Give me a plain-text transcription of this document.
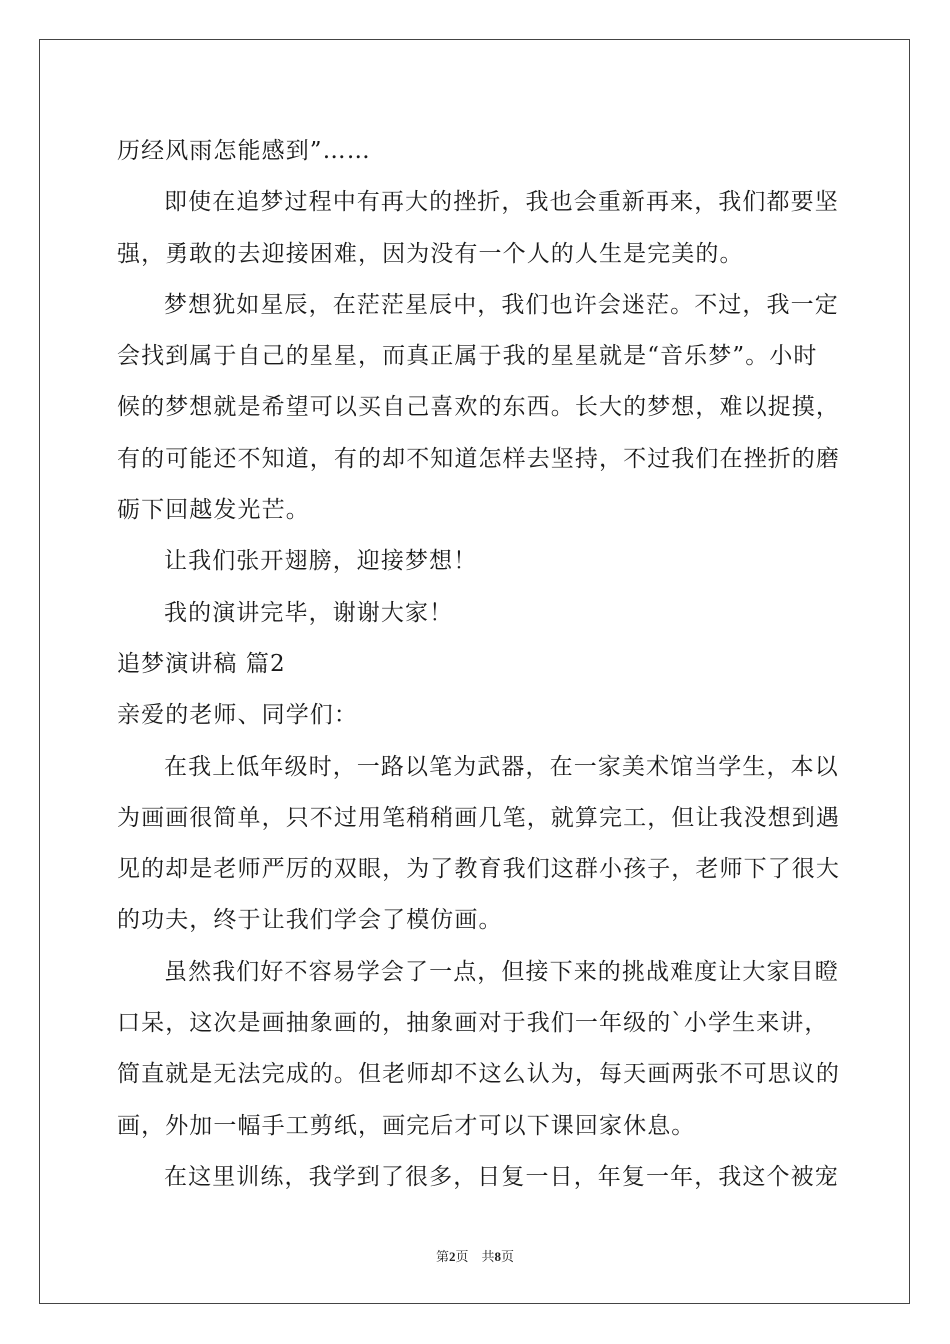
历经风雨怎能感到”……
即使在追梦过程中有再大的挫折，我也会重新再来，我们都要坚
强，勇敢的去迎接困难，因为没有一个人的人生是完美的。
梦想犹如星辰，在茫茫星辰中，我们也许会迷茫。不过，我一定
会找到属于自己的星星，而真正属于我的星星就是“音乐梦”。小时
候的梦想就是希望可以买自己喜欢的东西。长大的梦想，难以捉摸，
有的可能还不知道，有的却不知道怎样去坚持，不过我们在挫折的磨
砺下回越发光芒。
让我们张开翅膀，迎接梦想！
我的演讲完毕，谢谢大家！
追梦演讲稿 篇2
亲爱的老师、同学们：
在我上低年级时，一路以笔为武器，在一家美术馆当学生，本以
为画画很简单，只不过用笔稍稍画几笔，就算完工，但让我没想到遇
见的却是老师严厉的双眼，为了教育我们这群小孩子，老师下了很大
的功夫，终于让我们学会了模仿画。
虽然我们好不容易学会了一点，但接下来的挑战难度让大家目瞪
口呆，这次是画抽象画的，抽象画对于我们一年级的`小学生来讲，
简直就是无法完成的。但老师却不这么认为，每天画两张不可思议的
画，外加一幅手工剪纸，画完后才可以下课回家休息。
在这里训练，我学到了很多，日复一日，年复一年，我这个被宠
第2页　共8页
